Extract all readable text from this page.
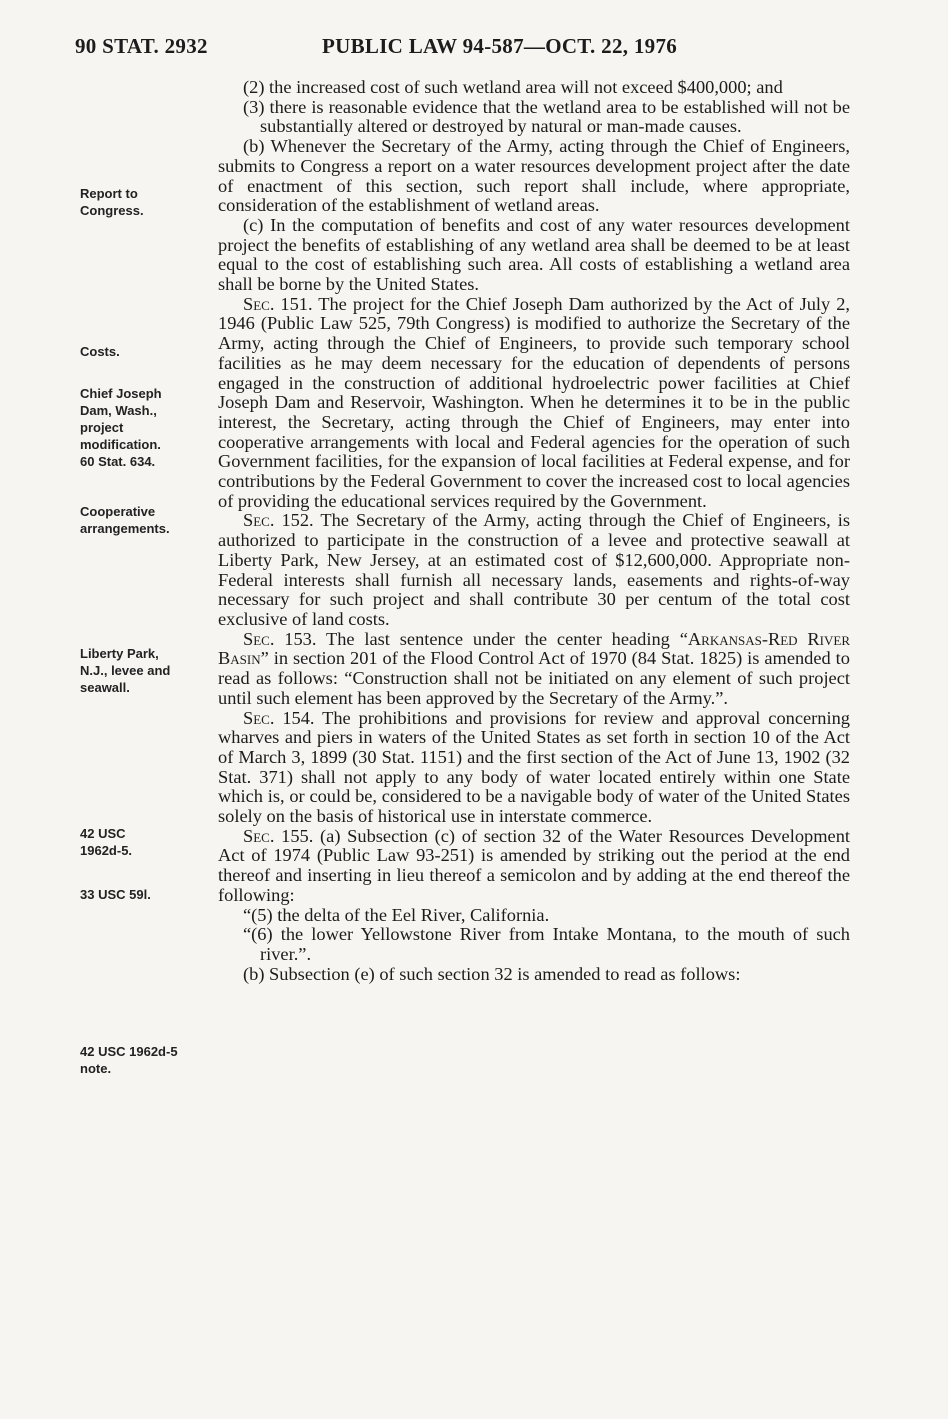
90 STAT. 2932	PUBLIC LAW 94-587—OCT. 22, 1976
Report to
Congress.
Costs.
Chief Joseph
Dam, Wash.,
project
modification.
60 Stat. 634.
Cooperative
arrangements.
Liberty Park,
N.J., levee and
seawall.
42 USC
1962d-5.
33 USC 59l.
42 USC 1962d-5
note.

(2) the increased cost of such wetland area will not exceed $400,000; and

(3) there is reasonable evidence that the wetland area to be established will not be substantially altered or destroyed by natural or man-made causes.

(b) Whenever the Secretary of the Army, acting through the Chief of Engineers, submits to Congress a report on a water resources development project after the date of enactment of this section, such report shall include, where appropriate, consideration of the establishment of wetland areas.

(c) In the computation of benefits and cost of any water resources development project the benefits of establishing of any wetland area shall be deemed to be at least equal to the cost of establishing such area. All costs of establishing a wetland area shall be borne by the United States.

Sec. 151. The project for the Chief Joseph Dam authorized by the Act of July 2, 1946 (Public Law 525, 79th Congress) is modified to authorize the Secretary of the Army, acting through the Chief of Engineers, to provide such temporary school facilities as he may deem necessary for the education of dependents of persons engaged in the construction of additional hydroelectric power facilities at Chief Joseph Dam and Reservoir, Washington. When he determines it to be in the public interest, the Secretary, acting through the Chief of Engineers, may enter into cooperative arrangements with local and Federal agencies for the operation of such Government facilities, for the expansion of local facilities at Federal expense, and for contributions by the Federal Government to cover the increased cost to local agencies of providing the educational services required by the Government.

Sec. 152. The Secretary of the Army, acting through the Chief of Engineers, is authorized to participate in the construction of a levee and protective seawall at Liberty Park, New Jersey, at an estimated cost of $12,600,000. Appropriate non-Federal interests shall furnish all necessary lands, easements and rights-of-way necessary for such project and shall contribute 30 per centum of the total cost exclusive of land costs.

Sec. 153. The last sentence under the center heading “Arkansas-Red River Basin” in section 201 of the Flood Control Act of 1970 (84 Stat. 1825) is amended to read as follows: “Construction shall not be initiated on any element of such project until such element has been approved by the Secretary of the Army.”.

Sec. 154. The prohibitions and provisions for review and approval concerning wharves and piers in waters of the United States as set forth in section 10 of the Act of March 3, 1899 (30 Stat. 1151) and the first section of the Act of June 13, 1902 (32 Stat. 371) shall not apply to any body of water located entirely within one State which is, or could be, considered to be a navigable body of water of the United States solely on the basis of historical use in interstate commerce.

Sec. 155. (a) Subsection (c) of section 32 of the Water Resources Development Act of 1974 (Public Law 93-251) is amended by striking out the period at the end thereof and inserting in lieu thereof a semicolon and by adding at the end thereof the following:

“(5) the delta of the Eel River, California.

“(6) the lower Yellowstone River from Intake Montana, to the mouth of such river.”.

(b) Subsection (e) of such section 32 is amended to read as follows:
